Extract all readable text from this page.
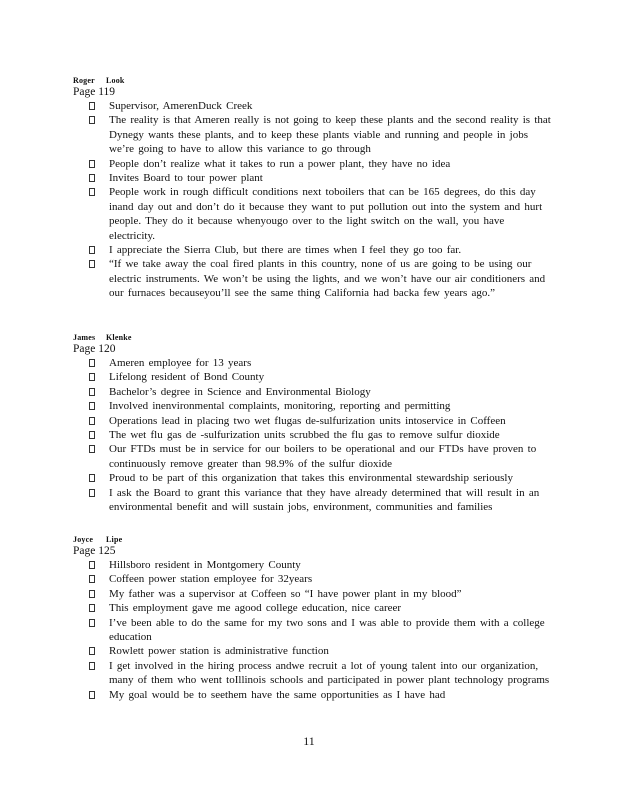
Roger Look
Page 119
Supervisor, AmerenDuck Creek
The reality is that Ameren really is not going to keep these plants and the second reality is that Dynegy wants these plants, and to keep these plants viable and running and people in jobs we’re going to have to allow this variance to go through
People don’t realize what it takes to run a power plant, they have no idea
Invites Board to tour power plant
People work in rough difficult conditions next toboilers that can be 165 degrees, do this day inand day out and don’t do it because they want to put pollution out into the system and hurt people. They do it because whenyougo over to the light switch on the wall, you have electricity.
I appreciate the Sierra Club, but there are times when I feel they go too far.
“If we take away the coal fired plants in this country, none of us are going to be using our electric instruments. We won’t be using the lights, and we won’t have our air conditioners and our furnaces becauseyou’ll see the same thing California had backa few years ago.”
James Klenke
Page 120
Ameren employee for 13 years
Lifelong resident of Bond County
Bachelor’s degree in Science and Environmental Biology
Involved inenvironmental complaints, monitoring, reporting and permitting
Operations lead in placing two wet flugas de-sulfurization units intoservice in Coffeen
The wet flu gas de -sulfurization units scrubbed the flu gas to remove sulfur dioxide
Our FTDs must be in service for our boilers to be operational and our FTDs have proven to continuously remove greater than 98.9% of the sulfur dioxide
Proud to be part of this organization that takes this environmental stewardship seriously
I ask the Board to grant this variance that they have already determined that will result in an environmental benefit and will sustain jobs, environment, communities and families
Joyce Lipe
Page 125
Hillsboro resident in Montgomery County
Coffeen power station employee for 32years
My father was a supervisor at Coffeen so “I have power plant in my blood”
This employment gave me agood college education, nice career
I’ve been able to do the same for my two sons and I was able to provide them with a college education
Rowlett power station is administrative function
I get involved in the hiring process andwe recruit a lot of young talent into our organization, many of them who went toIllinois schools and participated in power plant technology programs
My goal would be to seethem have the same opportunities as I have had
11
